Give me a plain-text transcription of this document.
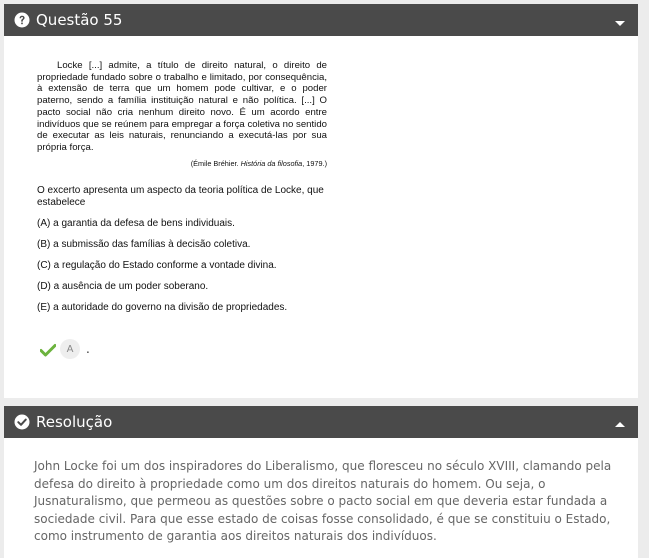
Questão 55

Locke [...] admite, a título de direito natural, o direito de propriedade fundado sobre o trabalho e limitado, por consequência, à extensão de terra que um homem pode cultivar, e o poder paterno, sendo a família instituição natural e não política. [...] O pacto social não cria nenhum direito novo. É um acordo entre indivíduos que se reúnem para empregar a força coletiva no sentido de executar as leis naturais, renunciando a executá-las por sua própria força.

(Émile Bréhier. História da filosofia, 1979.)
O excerto apresenta um aspecto da teoria política de Locke, que estabelece
(A) a garantia da defesa de bens individuais.
(B) a submissão das famílias à decisão coletiva.
(C) a regulação do Estado conforme a vontade divina.
(D) a ausência de um poder soberano.
(E) a autoridade do governo na divisão de propriedades.
A	.
Resolução

John Locke foi um dos inspiradores do Liberalismo, que floresceu no século XVIII, clamando pela defesa do direito à propriedade como um dos direitos naturais do homem. Ou seja, o Jusnaturalismo, que permeou as questões sobre o pacto social em que deveria estar fundada a sociedade civil. Para que esse estado de coisas fosse consolidado, é que se constituiu o Estado, como instrumento de garantia aos direitos naturais dos indivíduos.
